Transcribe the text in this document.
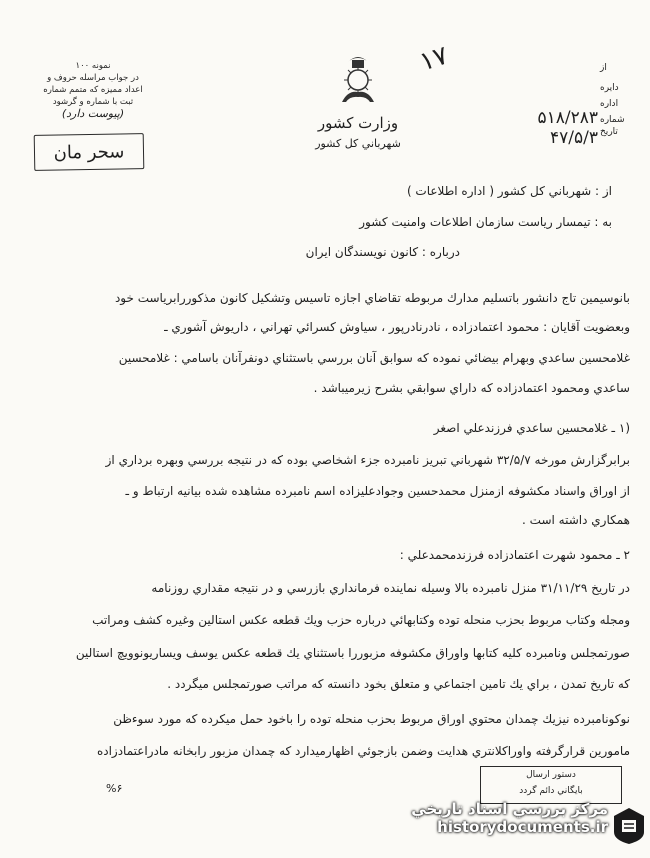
نمونه ۱۰۰
در جواب مراسله حروف و
اعداد مميزه كه متمم شماره
ثبت با شماره و گرشود
(پيوست دارد)
سحر مان
وزارت كشور
شهرباني كل كشور
۱۷	از
دايره
اداره
شماره
تاريخ
۵۱۸/۲۸۳
۴۷/۵/۳
از : شهرباني كل كشور ( اداره اطلاعات )
به : تيمسار رياست سازمان اطلاعات وامنيت كشور
درباره : كانون نويسندگان ايران
بانوسيمين تاج دانشور باتسليم مدارك مربوطه تقاضاي اجازه تاسيس وتشكيل كانون مذكوررابرياست خود
وبعضويت آقايان : محمود اعتمادزاده ، نادرنادرپور ، سياوش كسرائي تهراني ، داريوش آشوري ـ
غلامحسين ساعدي وبهرام بيضائي نموده كه سوابق آنان بررسي باستثناي دونفرآنان باسامي : غلامحسين
ساعدي ومحمود اعتمادزاده كه داراي سوابقي بشرح زيرميباشد .
(۱ ـ غلامحسين ساعدي فرزندعلي اصغر
برابرگزارش مورخه ۳۲/۵/۷ شهرباني تبريز نامبرده جزء اشخاصي بوده كه در نتيجه بررسي وبهره برداري از
از اوراق واسناد مكشوفه ازمنزل محمدحسين وجوادعليزاده اسم نامبرده مشاهده شده بيانيه ارتباط و ـ
همكاري داشته است .
۲ ـ محمود شهرت اعتمادزاده فرزندمحمدعلي :
در تاريخ ۳۱/۱۱/۲۹ منزل نامبرده بالا وسيله نماينده فرمانداري بازرسي و در نتيجه مقداري روزنامه
ومجله وكتاب مربوط بحزب منحله توده وكتابهائي درباره حزب ويك قطعه عكس استالين وغيره كشف ومراتب
صورتمجلس ونامبرده كليه كتابها واوراق مكشوفه مزبوررا باستثناي يك قطعه عكس يوسف ويساريونوويچ استالين
كه تاريخ تمدن ، براي يك تامين اجتماعي و متعلق بخود دانسته كه مراتب صورتمجلس ميگردد .
نوكونامبرده نيزيك چمدان محتوي اوراق مربوط بحزب منحله توده را باخود حمل ميكرده كه مورد سوءظن
مامورين قرارگرفته واوراكلانتري هدايت وضمن بازجوئي اظهارميدارد كه چمدان مزبور رابخانه مادراعتمادزاده
دستور ارسال
بايگاني دائم گردد
%۶
مركز بررسي اسناد تاريخي
historydocuments.ir
